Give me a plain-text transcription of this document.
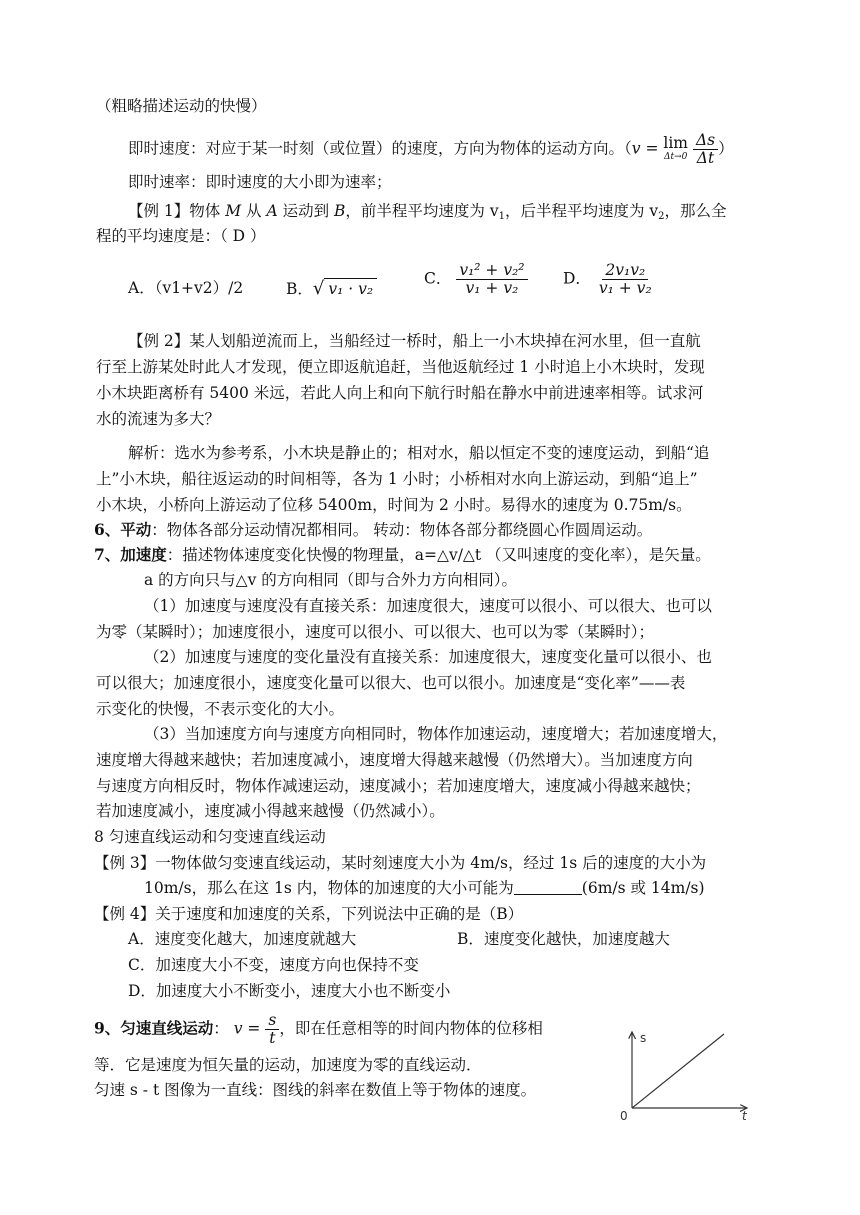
（粗略描述运动的快慢）
即时速度：对应于某一时刻（或位置）的速度，方向为物体的运动方向。（v = lim
Δt→0
$\frac{\Delta s}{\Delta t}$ ）
即时速率：即时速度的大小即为速率；
【例 1】物体 M 从 A 运动到 B，前半程平均速度为 $v_1$，后半程平均速度为 $v_2$，那么全
程的平均速度是：（ D ）
A．（v1+v2）/2	B．√ v₁ · v₂
C． $\frac{\text{v₁² + v₂²}}{\text{v₁ + v₂}}$ D． $\frac{\text{2v₁v₂}}{\text{v₁ + v₂}}$
【例 2】某人划船逆流而上，当船经过一桥时，船上一小木块掉在河水里，但一直航
行至上游某处时此人才发现，便立即返航追赶，当他返航经过 1 小时追上小木块时，发现
小木块距离桥有 5400 米远，若此人向上和向下航行时船在静水中前进速率相等。试求河
水的流速为多大？
解析：选水为参考系，小木块是静止的；相对水，船以恒定不变的速度运动，到船“追
上”小木块，船往返运动的时间相等，各为 1 小时；小桥相对水向上游运动，到船“追上”
小木块，小桥向上游运动了位移 5400m，时间为 2 小时。易得水的速度为 0.75m/s。
6、平动：物体各部分运动情况都相同。 转动：物体各部分都绕圆心作圆周运动。
7、加速度：描述物体速度变化快慢的物理量，a=△v/△t （又叫速度的变化率），是矢量。
a 的方向只与△v 的方向相同（即与合外力方向相同）。
（1）加速度与速度没有直接关系：加速度很大，速度可以很小、可以很大、也可以
为零（某瞬时）；加速度很小，速度可以很小、可以很大、也可以为零（某瞬时）；
（2）加速度与速度的变化量没有直接关系：加速度很大，速度变化量可以很小、也
可以很大；加速度很小，速度变化量可以很大、也可以很小。加速度是“变化率”——表
示变化的快慢，不表示变化的大小。
（3）当加速度方向与速度方向相同时，物体作加速运动，速度增大；若加速度增大，
速度增大得越来越快；若加速度减小，速度增大得越来越慢（仍然增大）。当加速度方向
与速度方向相反时，物体作减速运动，速度减小；若加速度增大，速度减小得越来越快；
若加速度减小，速度减小得越来越慢（仍然减小）。
8 匀速直线运动和匀变速直线运动
【例 3】一物体做匀变速直线运动，某时刻速度大小为 4m/s，经过 1s 后的速度的大小为
10m/s，那么在这 1s 内，物体的加速度的大小可能为	(6m/s 或 14m/s)
【例 4】关于速度和加速度的关系，下列说法中正确的是（B）
A．速度变化越大，加速度就越大	B．速度变化越快，加速度越大
C．加速度大小不变，速度方向也保持不变
D．加速度大小不断变小，速度大小也不断变小
9、匀速直线运动： $v = \frac{s}{t}$ ，即在任意相等的时间内物体的位移相
等．它是速度为恒矢量的运动，加速度为零的直线运动．
匀速 s - t 图像为一直线：图线的斜率在数值上等于物体的速度。
s
t
0
